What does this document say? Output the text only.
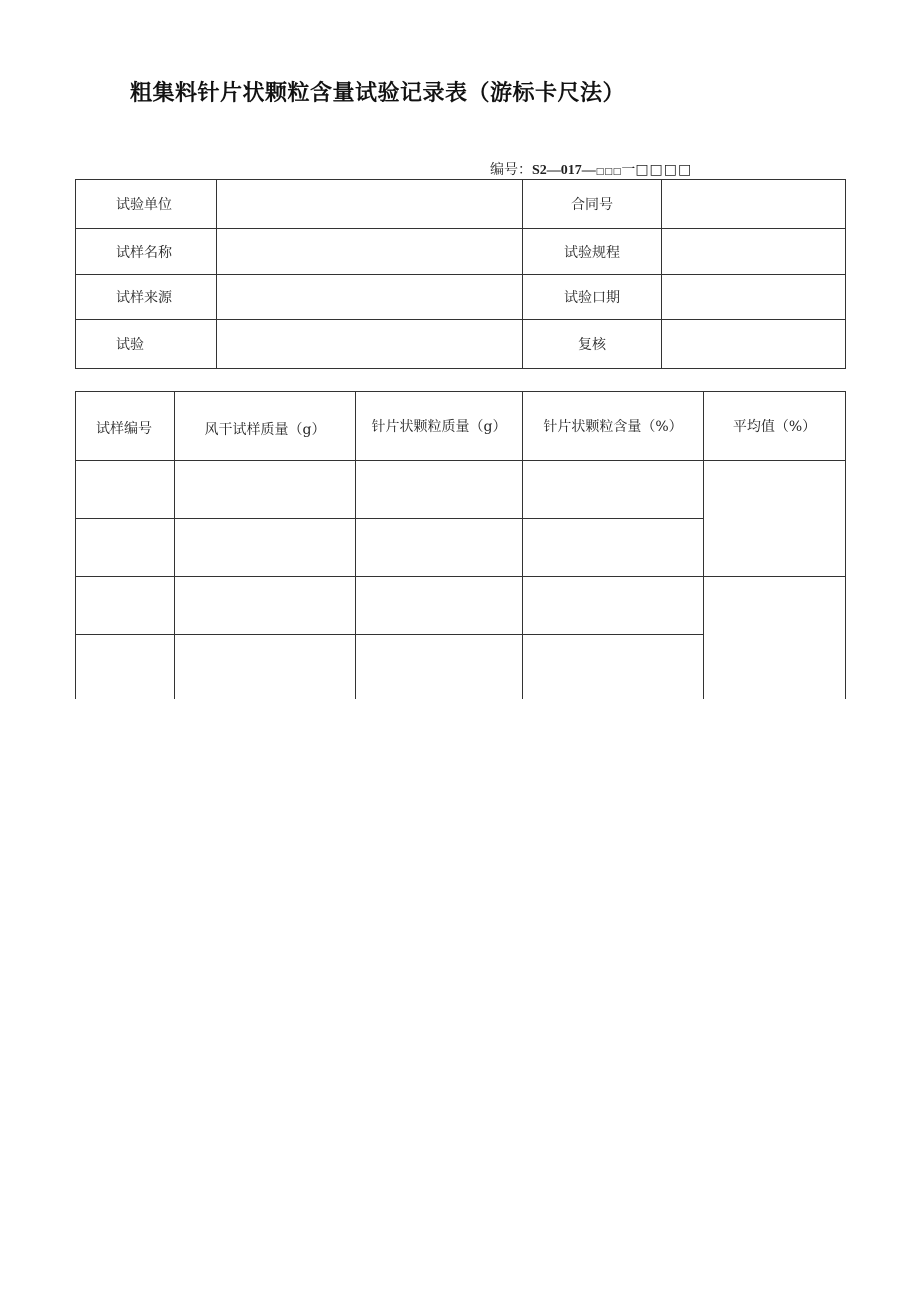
粗集料针片状颗粒含量试验记录表（游标卡尺法）
编号：S2—017—□□□一□□□□
试验单位		合同号	
试样名称		试验规程	
试样来源		试验口期	
试验		复核	
试样编号	风干试样质量（g）	针片状颗粒质量（g）	针片状颗粒含量（%）	平均值（%）
